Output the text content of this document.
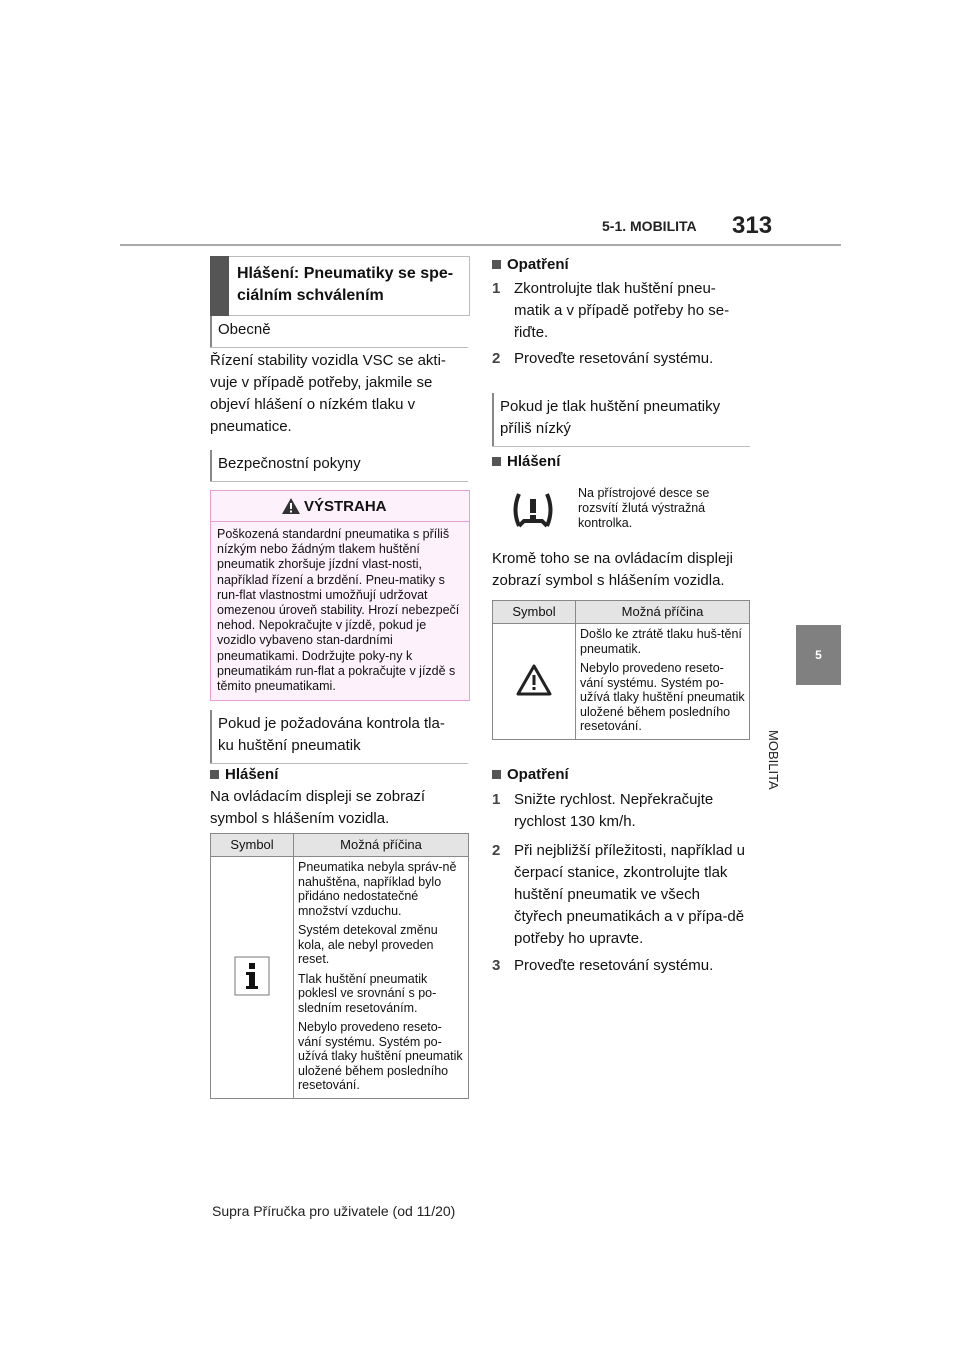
5-1. MOBILITA 313
5
MOBILITA
Hlášení: Pneumatiky se spe-ciálním schválením
Obecně
Řízení stability vozidla VSC se akti-vuje v případě potřeby, jakmile se objeví hlášení o nízkém tlaku v pneumatice.
Bezpečnostní pokyny
VÝSTRAHA
Poškozená standardní pneumatika s příliš nízkým nebo žádným tlakem huštění pneumatik zhoršuje jízdní vlast-nosti, například řízení a brzdění. Pneu-matiky s run-flat vlastnostmi umožňují udržovat omezenou úroveň stability. Hrozí nebezpečí nehod. Nepokračujte v jízdě, pokud je vozidlo vybaveno stan-dardními pneumatikami. Dodržujte poky-ny k pneumatikám run-flat a pokračujte v jízdě s těmito pneumatikami.
Pokud je požadována kontrola tla-ku huštění pneumatik
Hlášení
Na ovládacím displeji se zobrazí symbol s hlášením vozidla.
Symbol	Možná příčina

Pneumatika nebyla správ-ně nahuštěna, například bylo přidáno nedostatečné množství vzduchu.

Systém detekoval změnu kola, ale nebyl proveden reset.

Tlak huštění pneumatik poklesl ve srovnání s po-sledním resetováním.

Nebylo provedeno reseto-vání systému. Systém po-užívá tlaky huštění pneumatik uložené během posledního resetování.

Opatření
1 Zkontrolujte tlak huštění pneu-matik a v případě potřeby ho se-řiďte.
2 Proveďte resetování systému.
Pokud je tlak huštění pneumatiky příliš nízký
Hlášení
Na přístrojové desce se rozsvítí žlutá výstražná kontrolka.
Kromě toho se na ovládacím displeji zobrazí symbol s hlášením vozidla.
Symbol	Možná příčina

Došlo ke ztrátě tlaku huš-tění pneumatik.

Nebylo provedeno reseto-vání systému. Systém po-užívá tlaky huštění pneumatik uložené během posledního resetování.

Opatření
1 Snižte rychlost. Nepřekračujte rychlost 130 km/h.
2 Při nejbližší příležitosti, například u čerpací stanice, zkontrolujte tlak huštění pneumatik ve všech čtyřech pneumatikách a v přípa-dě potřeby ho upravte.
3 Proveďte resetování systému.
Supra Příručka pro uživatele (od 11/20)
